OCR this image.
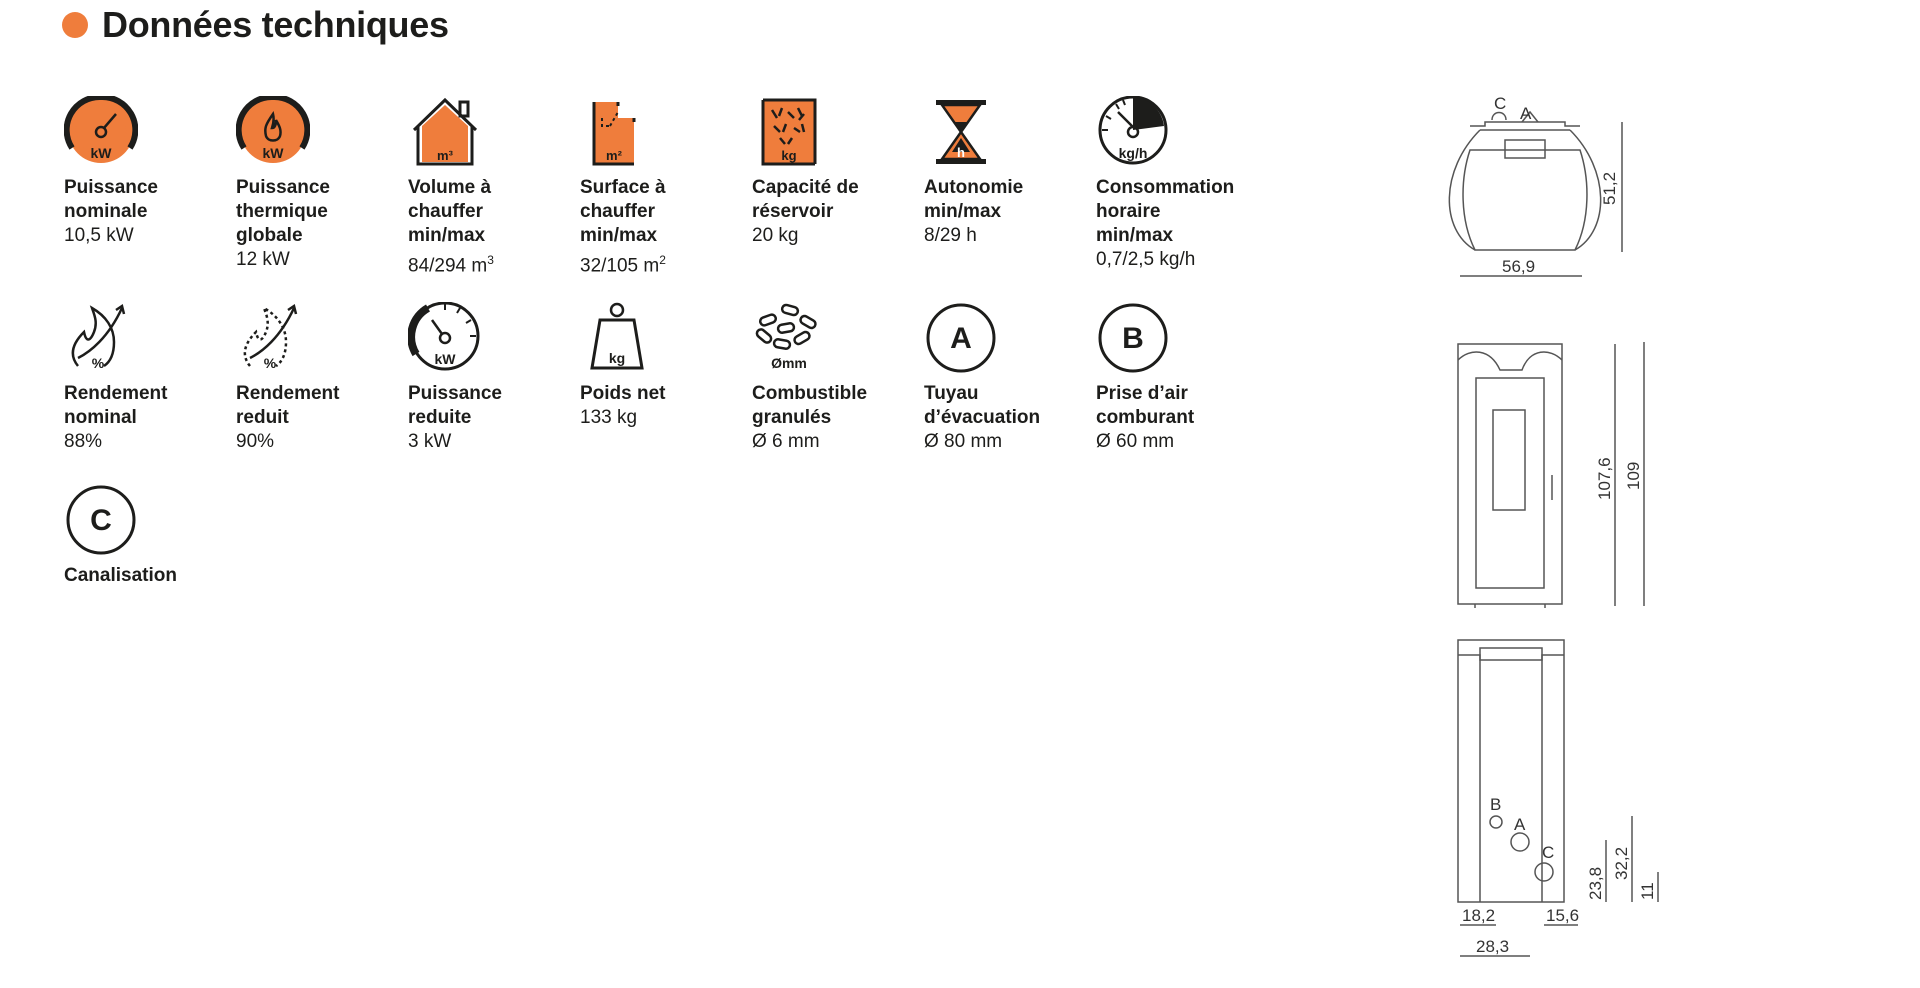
Données techniques
kW
Puissance
nominale
10,5 kW
kW
Puissance
thermique
globale
12 kW
m³
Volume à
chauffer
min/max
84/294 $m^3$
m²
Surface à
chauffer
min/max
32/105 $m^2$
kg
Capacité de
réservoir
20 kg
h
Autonomie
min/max
8/29 h
kg/h
Consommation
horaire
min/max
0,7/2,5 kg/h
%
Rendement
nominal
88%
%
Rendement
reduit
90%
kW
Puissance
reduite
3 kW
kg
Poids net
133 kg
Ømm
Combustible
granulés
Ø 6 mm
A
Tuyau
d’évacuation
Ø 80 mm
B
Prise d’air
comburant
Ø 60 mm
C
Canalisation
C
A
51,2
56,9
107,6 109
B
A
C
23,8
32,2
11
18,2	15,6
28,3
